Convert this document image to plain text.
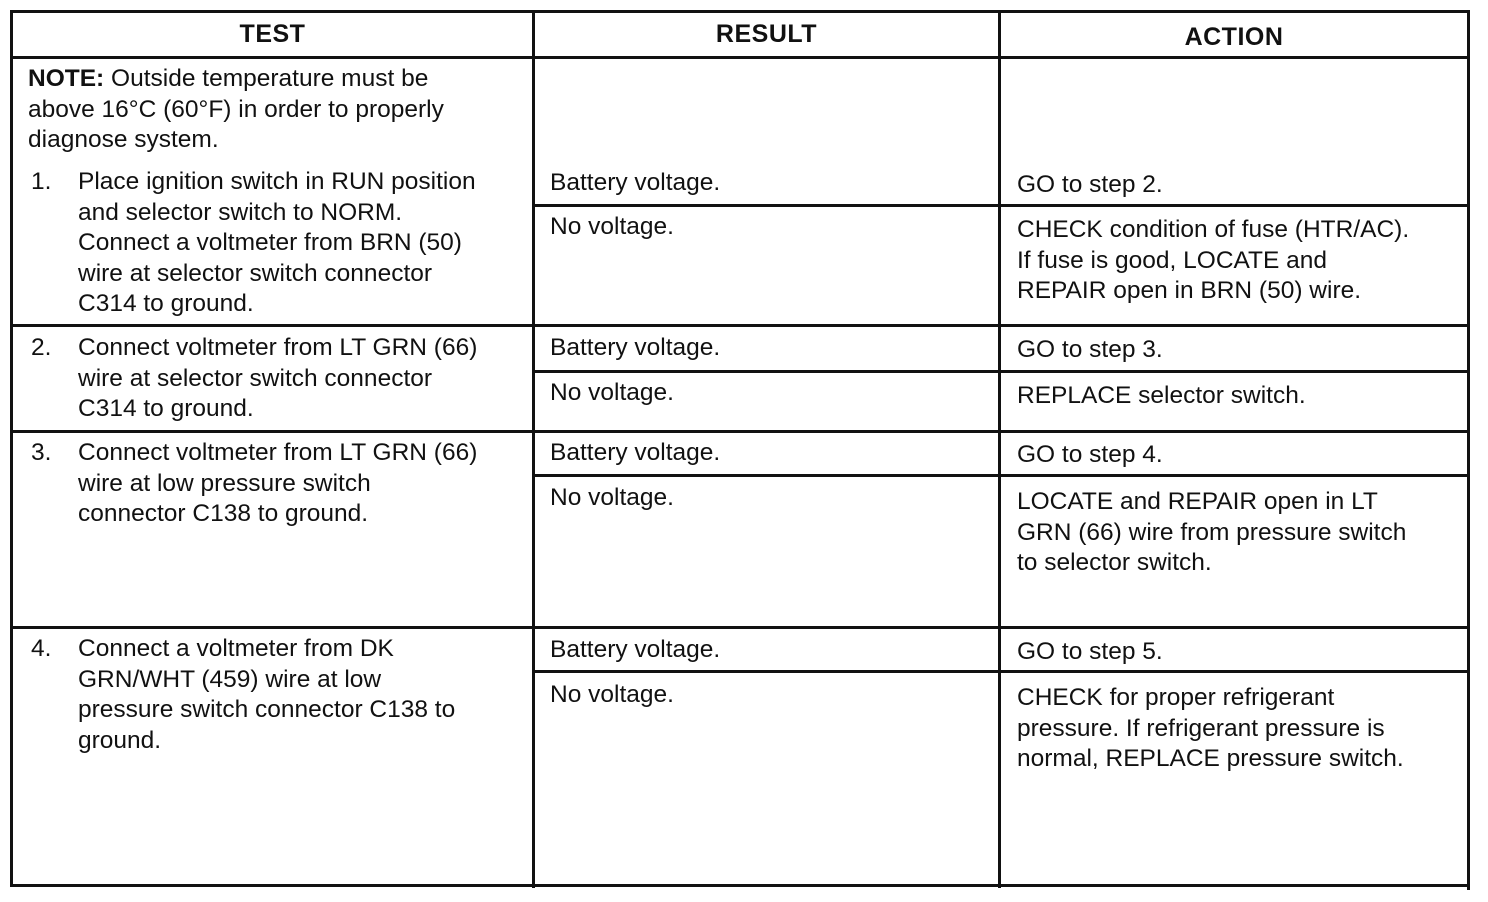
TEST	RESULT	ACTION
NOTE: Outside temperature must be
above 16°C (60°F) in order to properly
diagnose system.
1. Place ignition switch in RUN position
and selector switch to NORM.
Connect a voltmeter from BRN (50)
wire at selector switch connector
C314 to ground.
Battery voltage.
No voltage.
GO to step 2.
CHECK condition of fuse (HTR/AC).
If fuse is good, LOCATE and
REPAIR open in BRN (50) wire.
2. Connect voltmeter from LT GRN (66)
wire at selector switch connector
C314 to ground.
Battery voltage.
No voltage.
GO to step 3.
REPLACE selector switch.
3. Connect voltmeter from LT GRN (66)
wire at low pressure switch
connector C138 to ground.
Battery voltage.
No voltage.
GO to step 4.
LOCATE and REPAIR open in LT
GRN (66) wire from pressure switch
to selector switch.
4. Connect a voltmeter from DK
GRN/WHT (459) wire at low
pressure switch connector C138 to
ground.
Battery voltage.
No voltage.
GO to step 5.
CHECK for proper refrigerant
pressure. If refrigerant pressure is
normal, REPLACE pressure switch.
